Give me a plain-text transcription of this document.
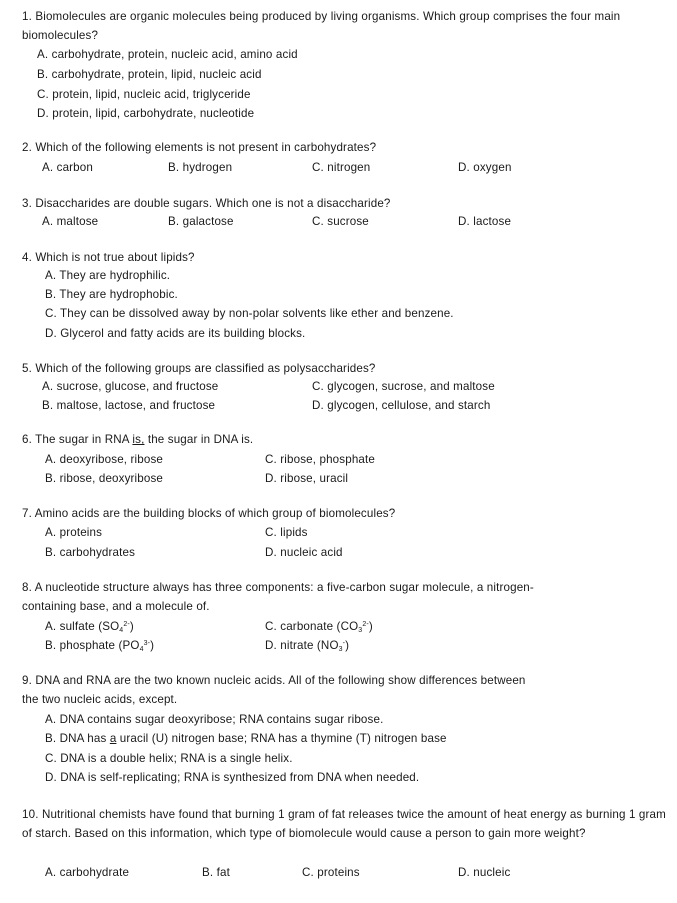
1. Biomolecules are organic molecules being produced by living organisms. Which group comprises the four main biomolecules?
A. carbohydrate, protein, nucleic acid, amino acid
B. carbohydrate, protein, lipid, nucleic acid
C. protein, lipid, nucleic acid, triglyceride
D. protein, lipid, carbohydrate, nucleotide
2. Which of the following elements is not present in carbohydrates?
A. carbon	B. hydrogen	C. nitrogen	D. oxygen
3. Disaccharides are double sugars. Which one is not a disaccharide?
A. maltose	B. galactose	C. sucrose	D. lactose
4. Which is not true about lipids?
A. They are hydrophilic.
B. They are hydrophobic.
C. They can be dissolved away by non-polar solvents like ether and benzene.
D. Glycerol and fatty acids are its building blocks.
5. Which of the following groups are classified as polysaccharides?
A. sucrose, glucose, and fructose	C. glycogen, sucrose, and maltose
B. maltose, lactose, and fructose	D. glycogen, cellulose, and starch
6. The sugar in RNA is, the sugar in DNA is.
A. deoxyribose, ribose	C. ribose, phosphate
B. ribose, deoxyribose	D. ribose, uracil
7. Amino acids are the building blocks of which group of biomolecules?
A. proteins	C. lipids
B. carbohydrates	D. nucleic acid
8. A nucleotide structure always has three components: a five-carbon sugar molecule, a nitrogen-containing base, and a molecule of.
A. sulfate $(SO_4^{2-})$	C. carbonate $(CO_3^{2-})$
B. phosphate $(PO_4^{3-})$	D. nitrate $(NO_3^-)$
9. DNA and RNA are the two known nucleic acids. All of the following show differences between the two nucleic acids, except.
A. DNA contains sugar deoxyribose; RNA contains sugar ribose.
B. DNA has a uracil (U) nitrogen base; RNA has a thymine (T) nitrogen base
C. DNA is a double helix; RNA is a single helix.
D. DNA is self-replicating; RNA is synthesized from DNA when needed.
10. Nutritional chemists have found that burning 1 gram of fat releases twice the amount of heat energy as burning 1 gram of starch. Based on this information, which type of biomolecule would cause a person to gain more weight?
A. carbohydrate	B. fat	C. proteins	D. nucleic
